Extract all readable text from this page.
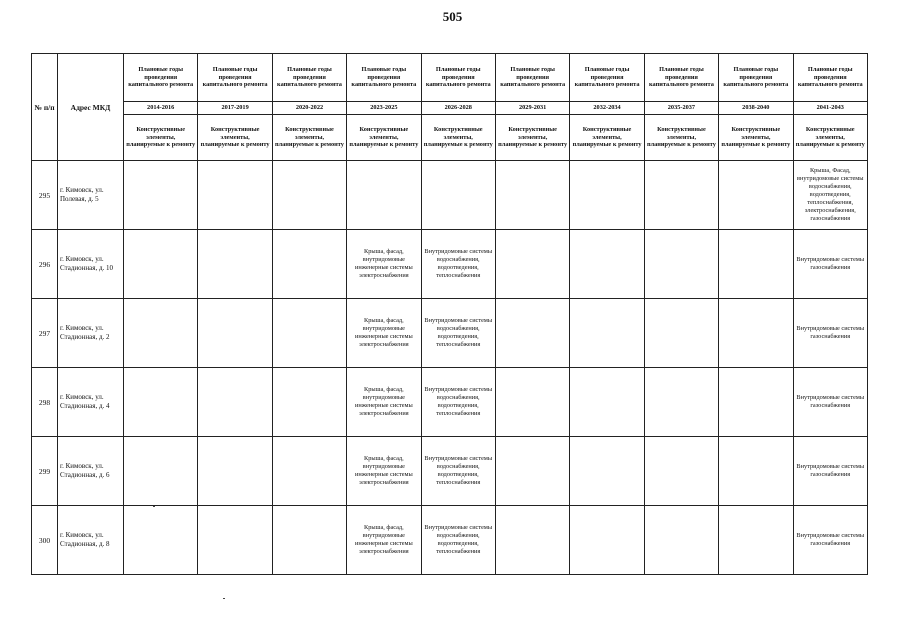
505
№ п/п	Адрес МКД	Плановые годы проведения капитального ремонта	Плановые годы проведения капитального ремонта	Плановые годы проведения капитального ремонта	Плановые годы проведения капитального ремонта	Плановые годы проведения капитального ремонта	Плановые годы проведения капитального ремонта	Плановые годы проведения капитального ремонта	Плановые годы проведения капитального ремонта	Плановые годы проведения капитального ремонта	Плановые годы проведения капитального ремонта
		2014-2016	2017-2019	2020-2022	2023-2025	2026-2028	2029-2031	2032-2034	2035-2037	2038-2040	2041-2043
		Конструктивные элементы, планируемые к ремонту	Конструктивные элементы, планируемые к ремонту	Конструктивные элементы, планируемые к ремонту	Конструктивные элементы, планируемые к ремонту	Конструктивные элементы, планируемые к ремонту	Конструктивные элементы, планируемые к ремонту	Конструктивные элементы, планируемые к ремонту	Конструктивные элементы, планируемые к ремонту	Конструктивные элементы, планируемые к ремонту	Конструктивные элементы, планируемые к ремонту
295	г. Кимовск, ул. Полевая, д. 5										Крыша, Фасад, внутридомовые системы водоснабжения, водоотведения, теплоснабжения, электроснабжения, газоснабжения
296	г. Кимовск, ул. Стадионная, д. 10				Крыша, фасад, внутридомовые инженерные системы электроснабжения	Внутридомовые системы водоснабжения, водоотведения, теплоснабжения					Внутридомовые системы газоснабжения
297	г. Кимовск, ул. Стадионная, д. 2				Крыша, фасад, внутридомовые инженерные системы электроснабжения	Внутридомовые системы водоснабжения, водоотведения, теплоснабжения					Внутридомовые системы газоснабжения
298	г. Кимовск, ул. Стадионная, д. 4				Крыша, фасад, внутридомовые инженерные системы электроснабжения	Внутридомовые системы водоснабжения, водоотведения, теплоснабжения					Внутридомовые системы газоснабжения
299	г. Кимовск, ул. Стадионная, д. 6				Крыша, фасад, внутридомовые инженерные системы электроснабжения	Внутридомовые системы водоснабжения, водоотведения, теплоснабжения					Внутридомовые системы газоснабжения
300	г. Кимовск, ул. Стадионная, д. 8				Крыша, фасад, внутридомовые инженерные системы электроснабжения	Внутридомовые системы водоснабжения, водоотведения, теплоснабжения					Внутридомовые системы газоснабжения
